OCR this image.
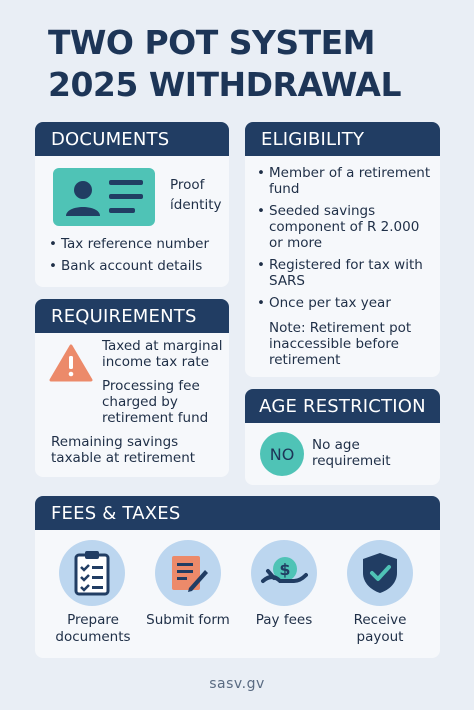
TWO POT SYSTEM
2025 WITHDRAWAL
DOCUMENTS
Proof
ídentity
• Tax reference number
• Bank account details
ELIGIBILITY
• Member of a retirement fund
• Seeded savings component of R 2.000 or more
• Registered for tax with SARS
• Once per tax year
Note: Retirement pot inaccessible before retirement
REQUIREMENTS
Taxed at marginal income tax rate
Processing fee charged by retirement fund
Remaining savings taxable at retirement
AGE RESTRICTION
NO No age requiremeit
FEES & TAXES
Prepare documents
Submit form
$
Pay fees	Receive payout
sasv.gv
